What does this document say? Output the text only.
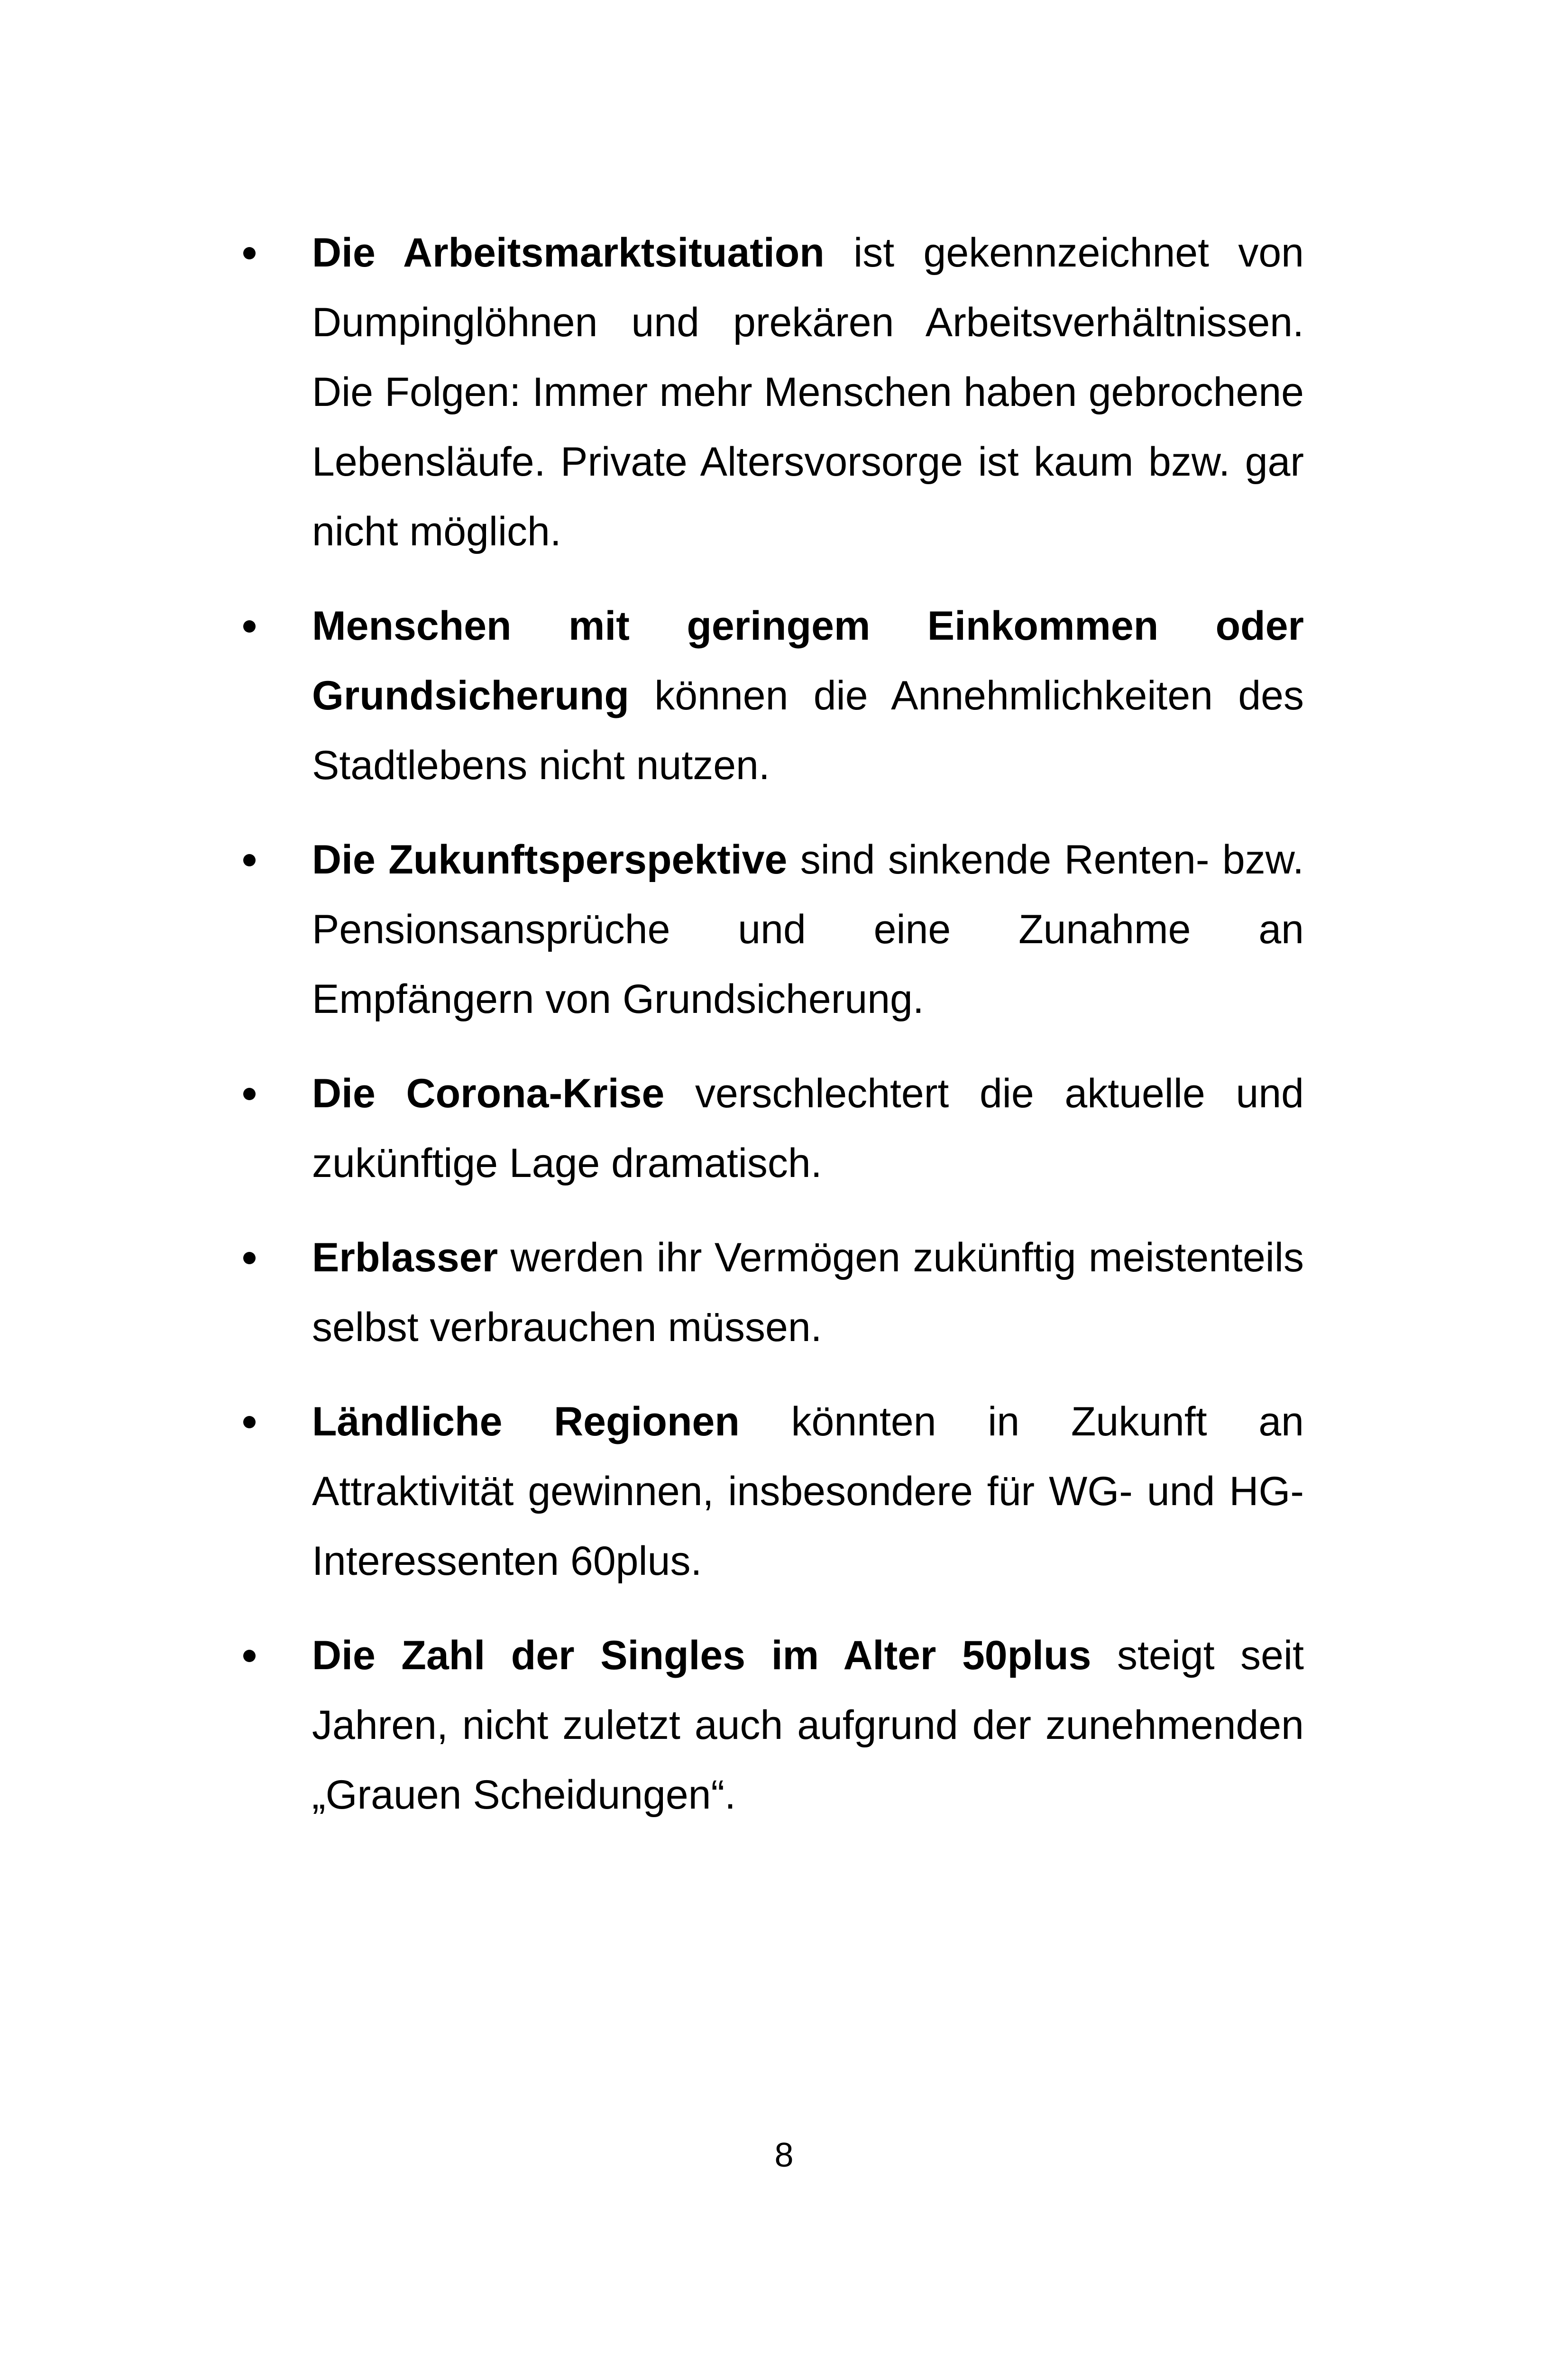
Die Arbeitsmarktsituation ist gekennzeichnet von Dumpinglöhnen und prekären Arbeitsverhältnissen. Die Folgen: Immer mehr Menschen haben gebrochene Lebensläufe. Private Altersvorsorge ist kaum bzw. gar nicht möglich.
Menschen mit geringem Einkommen oder Grundsicherung können die Annehmlichkeiten des Stadtlebens nicht nutzen.
Die Zukunftsperspektive sind sinkende Renten- bzw. Pensionsansprüche und eine Zunahme an Empfängern von Grundsicherung.
Die Corona-Krise verschlechtert die aktuelle und zukünftige Lage dramatisch.
Erblasser werden ihr Vermögen zukünftig meistenteils selbst verbrauchen müssen.
Ländliche Regionen könnten in Zukunft an Attraktivität gewinnen, insbesondere für WG- und HG-Interessenten 60plus.
Die Zahl der Singles im Alter 50plus steigt seit Jahren, nicht zuletzt auch aufgrund der zunehmenden „Grauen Scheidungen“.
8
